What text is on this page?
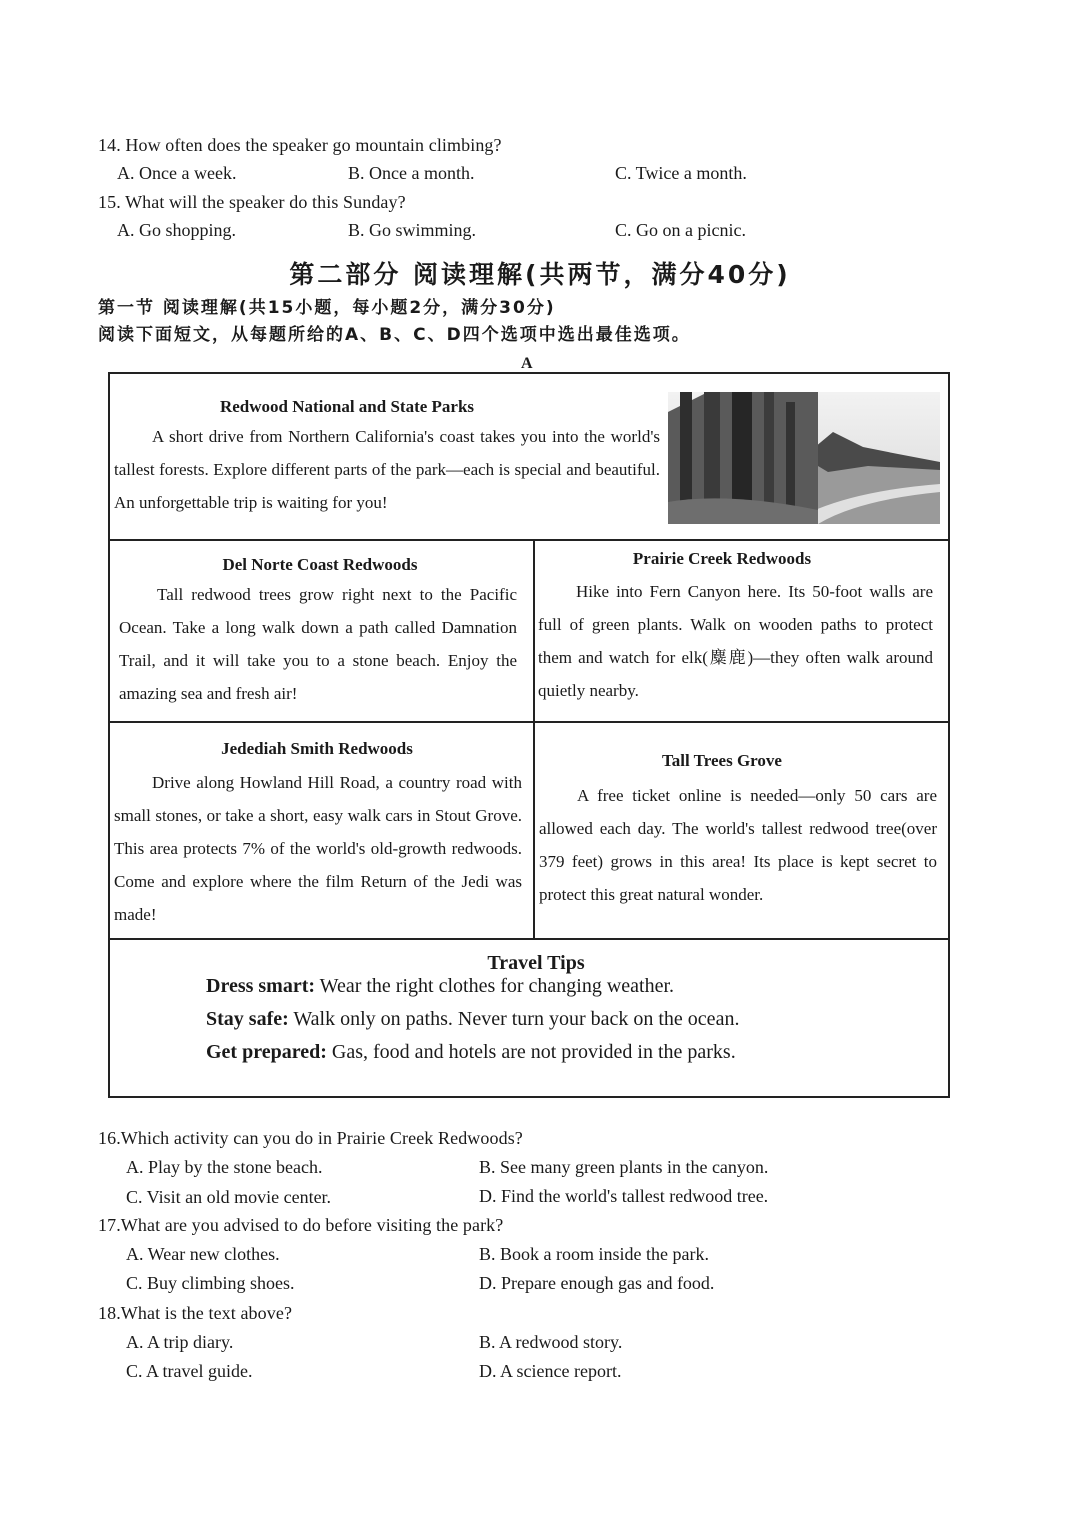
14. How often does the speaker go mountain climbing?
A. Once a week.	B. Once a month.	C. Twice a month.
15. What will the speaker do this Sunday?
A. Go shopping.	B. Go swimming.	C. Go on a picnic.
第二部分 阅读理解(共两节，满分40分)
第一节 阅读理解(共15小题，每小题2分，满分30分)
阅读下面短文，从每题所给的A、B、C、D四个选项中选出最佳选项。
A
Redwood National and State Parks
A short drive from Northern California's coast takes you into the world's tallest forests. Explore different parts of the park—each is special and beautiful. An unforgettable trip is waiting for you!
Del Norte Coast Redwoods
Tall redwood trees grow right next to the Pacific Ocean. Take a long walk down a path called Damnation Trail, and it will take you to a stone beach. Enjoy the amazing sea and fresh air!
Prairie Creek Redwoods
Hike into Fern Canyon here. Its 50-foot walls are full of green plants. Walk on wooden paths to protect them and watch for elk(麋鹿)—they often walk around quietly nearby.
Jedediah Smith Redwoods
Drive along Howland Hill Road, a country road with small stones, or take a short, easy walk cars in Stout Grove. This area protects 7% of the world's old-growth redwoods. Come and explore where the film Return of the Jedi was made!
Tall Trees Grove
A free ticket online is needed—only 50 cars are allowed each day. The world's tallest redwood tree(over 379 feet) grows in this area! Its place is kept secret to protect this great natural wonder.
Travel Tips
Dress smart: Wear the right clothes for changing weather.
Stay safe: Walk only on paths. Never turn your back on the ocean.
Get prepared: Gas, food and hotels are not provided in the parks.
16.Which activity can you do in Prairie Creek Redwoods?
A. Play by the stone beach.	B. See many green plants in the canyon.
C. Visit an old movie center.	D. Find the world's tallest redwood tree.
17.What are you advised to do before visiting the park?
A. Wear new clothes.	B. Book a room inside the park.
C. Buy climbing shoes.	D. Prepare enough gas and food.
18.What is the text above?
A. A trip diary.	B. A redwood story.
C. A travel guide.	D. A science report.
